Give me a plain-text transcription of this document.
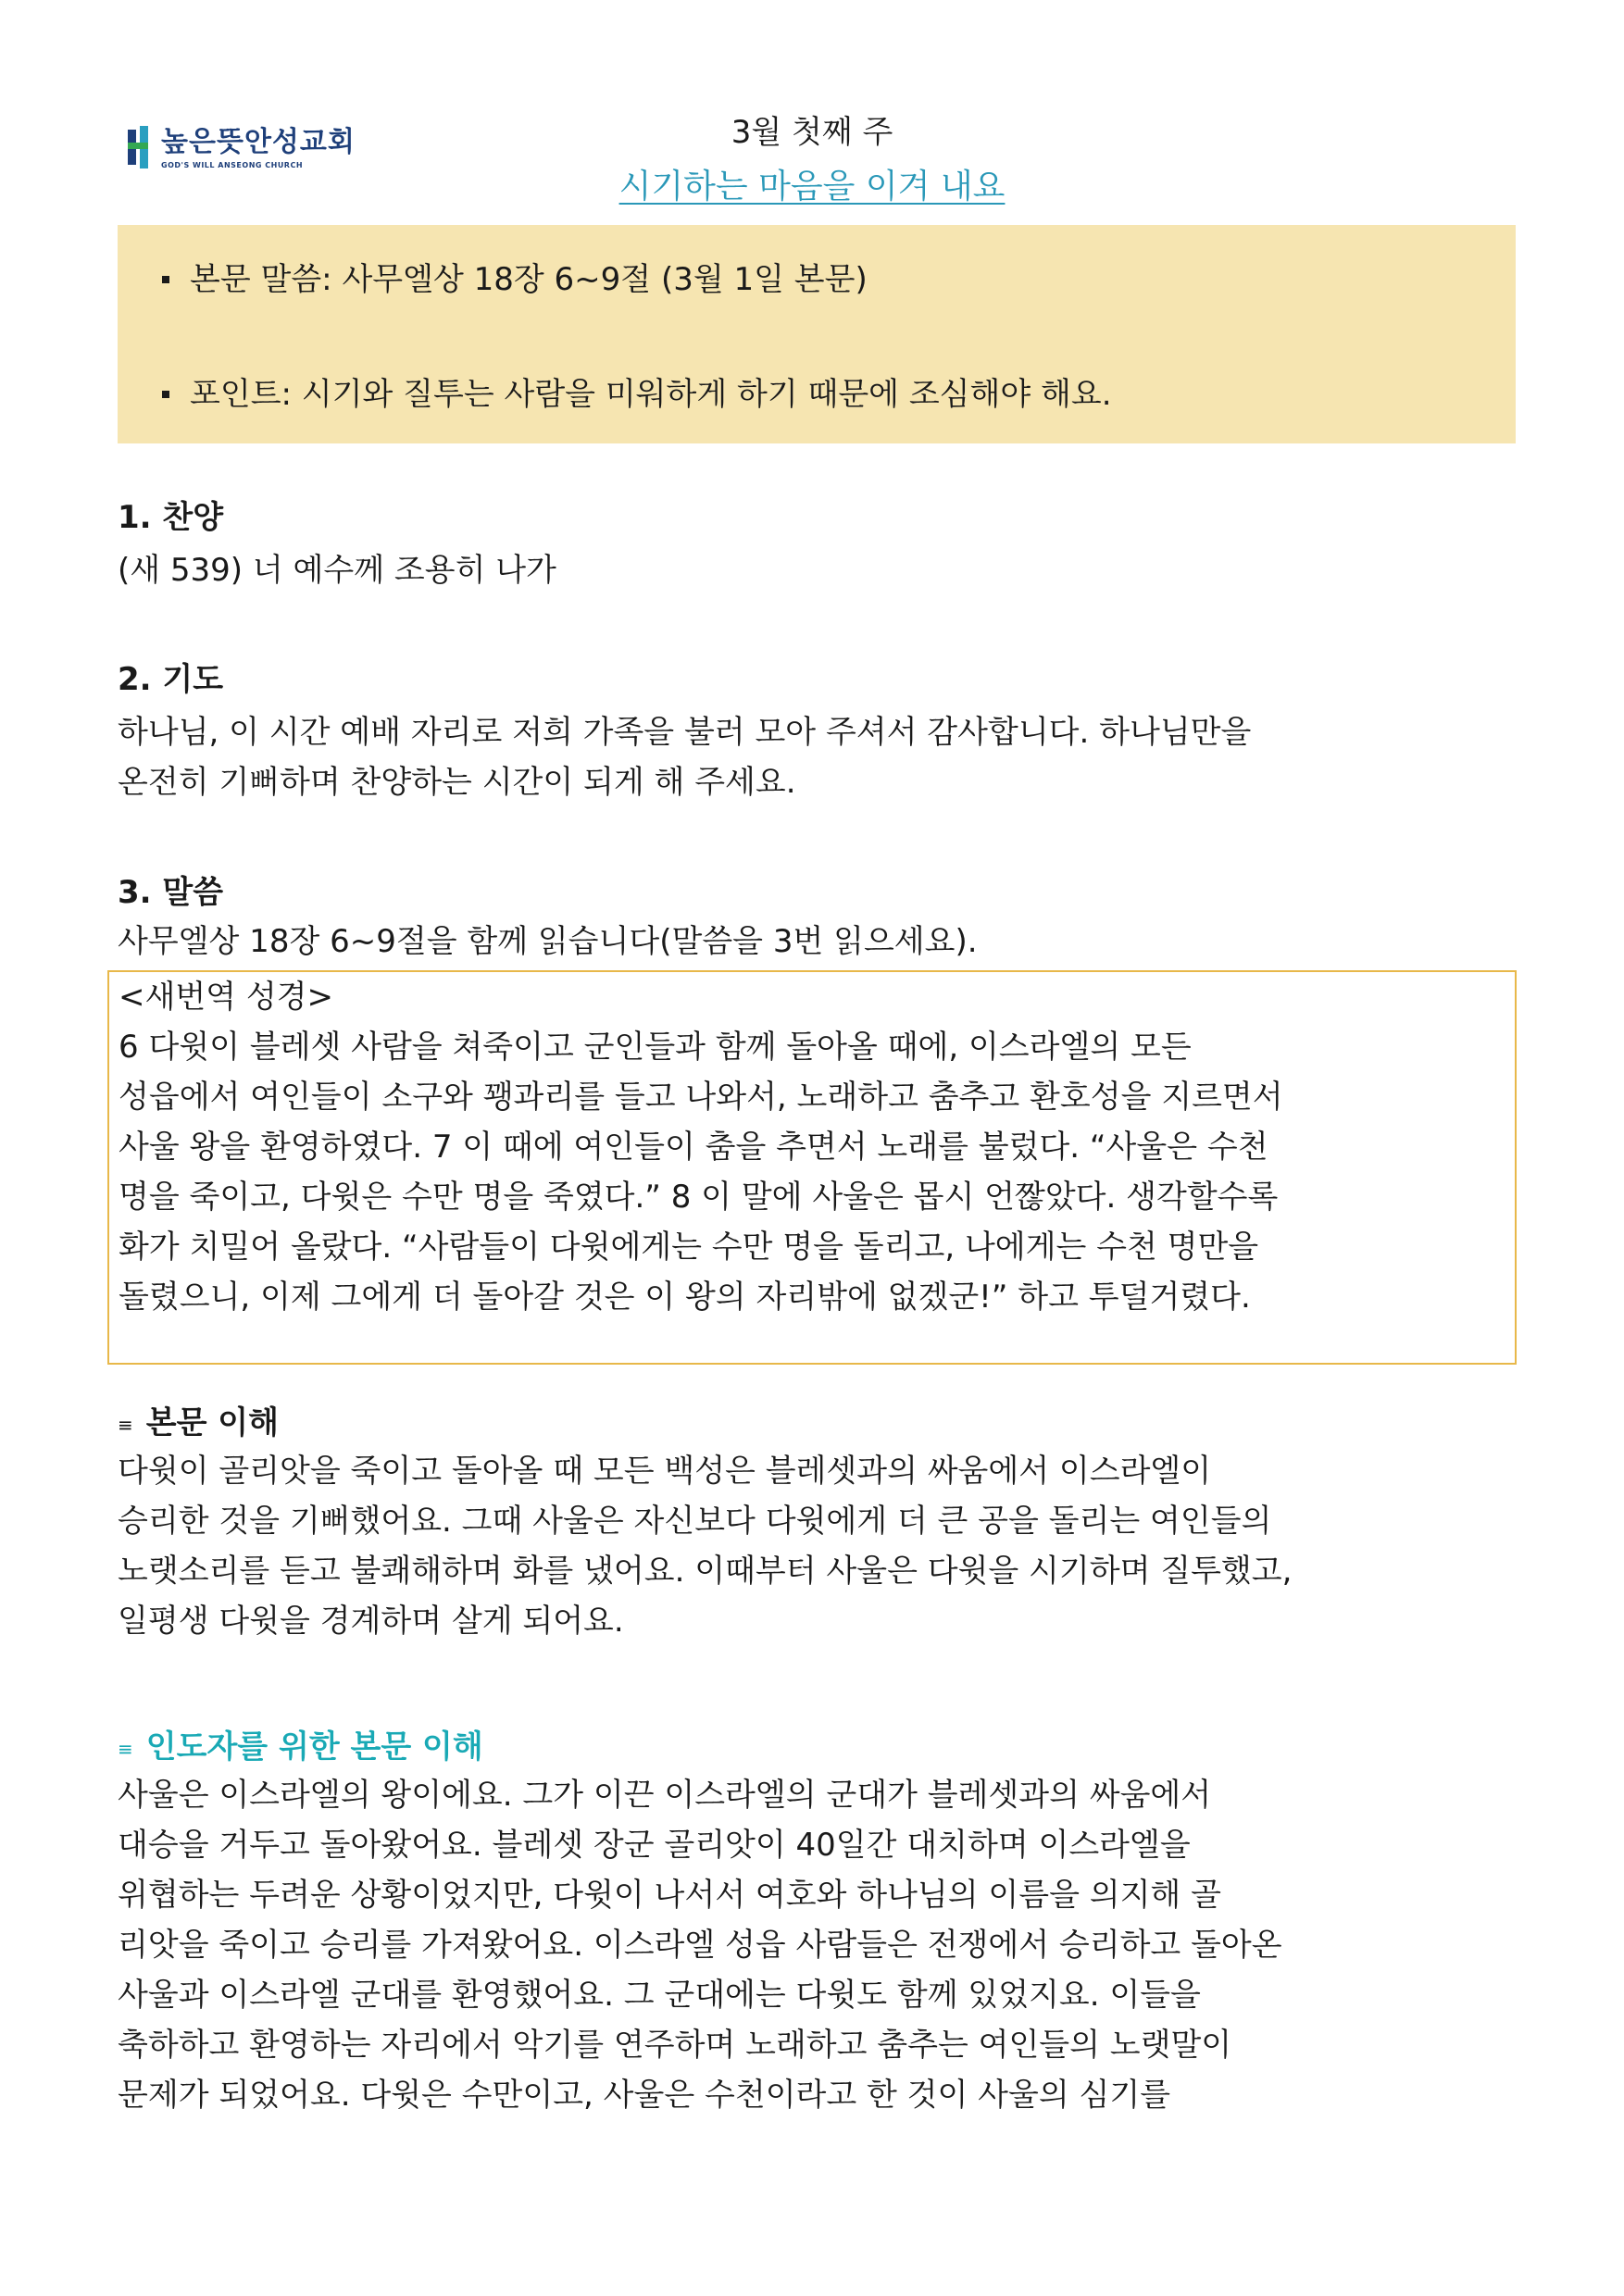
높은뜻안성교회
GOD'S WILL ANSEONG CHURCH
3월 첫째 주
시기하는 마음을 이겨 내요
본문 말씀: 사무엘상 18장 6~9절 (3월 1일 본문)
포인트: 시기와 질투는 사람을 미워하게 하기 때문에 조심해야 해요.
1. 찬양
(새 539) 너 예수께 조용히 나가
2. 기도
하나님, 이 시간 예배 자리로 저희 가족을 불러 모아 주셔서 감사합니다. 하나님만을
온전히 기뻐하며 찬양하는 시간이 되게 해 주세요.
3. 말씀
사무엘상 18장 6~9절을 함께 읽습니다(말씀을 3번 읽으세요).
<새번역 성경>
6 다윗이 블레셋 사람을 쳐죽이고 군인들과 함께 돌아올 때에, 이스라엘의 모든
성읍에서 여인들이 소구와 꽹과리를 들고 나와서, 노래하고 춤추고 환호성을 지르면서
사울 왕을 환영하였다. 7 이 때에 여인들이 춤을 추면서 노래를 불렀다. “사울은 수천
명을 죽이고, 다윗은 수만 명을 죽였다.” 8 이 말에 사울은 몹시 언짢았다. 생각할수록
화가 치밀어 올랐다. “사람들이 다윗에게는 수만 명을 돌리고, 나에게는 수천 명만을
돌렸으니, 이제 그에게 더 돌아갈 것은 이 왕의 자리밖에 없겠군!” 하고 투덜거렸다.
≡ 본문 이해
다윗이 골리앗을 죽이고 돌아올 때 모든 백성은 블레셋과의 싸움에서 이스라엘이
승리한 것을 기뻐했어요. 그때 사울은 자신보다 다윗에게 더 큰 공을 돌리는 여인들의
노랫소리를 듣고 불쾌해하며 화를 냈어요. 이때부터 사울은 다윗을 시기하며 질투했고,
일평생 다윗을 경계하며 살게 되어요.
≡ 인도자를 위한 본문 이해
사울은 이스라엘의 왕이에요. 그가 이끈 이스라엘의 군대가 블레셋과의 싸움에서
대승을 거두고 돌아왔어요. 블레셋 장군 골리앗이 40일간 대치하며 이스라엘을
위협하는 두려운 상황이었지만, 다윗이 나서서 여호와 하나님의 이름을 의지해 골
리앗을 죽이고 승리를 가져왔어요. 이스라엘 성읍 사람들은 전쟁에서 승리하고 돌아온
사울과 이스라엘 군대를 환영했어요. 그 군대에는 다윗도 함께 있었지요. 이들을
축하하고 환영하는 자리에서 악기를 연주하며 노래하고 춤추는 여인들의 노랫말이
문제가 되었어요. 다윗은 수만이고, 사울은 수천이라고 한 것이 사울의 심기를
